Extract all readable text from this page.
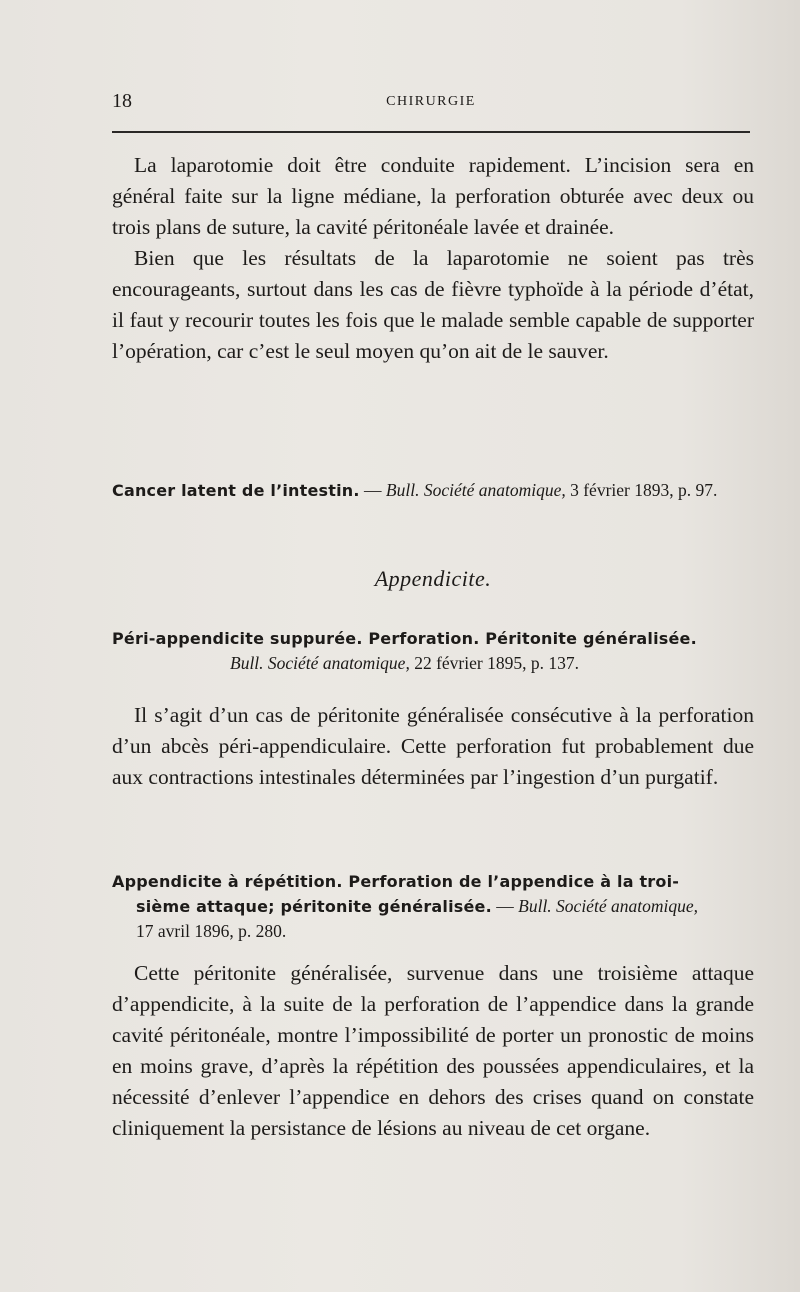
18	CHIRURGIE

La laparotomie doit être conduite rapidement. L’incision sera en général faite sur la ligne médiane, la perforation obturée avec deux ou trois plans de suture, la cavité péritonéale lavée et drainée.

Bien que les résultats de la laparotomie ne soient pas très encourageants, surtout dans les cas de fièvre typhoïde à la période d’état, il faut y recourir toutes les fois que le malade semble capable de supporter l’opération, car c’est le seul moyen qu’on ait de le sauver.

Cancer latent de l’intestin. — Bull. Société anatomique, 3 février 1893, p. 97.
Appendicite.
Péri-appendicite suppurée. Perforation. Péritonite généralisée.
Bull. Société anatomique, 22 février 1895, p. 137.

Il s’agit d’un cas de péritonite généralisée consécutive à la perforation d’un abcès péri-appendiculaire. Cette perforation fut probablement due aux contractions intestinales déterminées par l’ingestion d’un purgatif.

Appendicite à répétition. Perforation de l’appendice à la troi-
sième attaque; péritonite généralisée. — Bull. Société anatomique,
17 avril 1896, p. 280.

Cette péritonite généralisée, survenue dans une troisième attaque d’appendicite, à la suite de la perforation de l’appendice dans la grande cavité péritonéale, montre l’impossibilité de porter un pronostic de moins en moins grave, d’après la répétition des poussées appendiculaires, et la nécessité d’enlever l’appendice en dehors des crises quand on constate cliniquement la persistance de lésions au niveau de cet organe.
